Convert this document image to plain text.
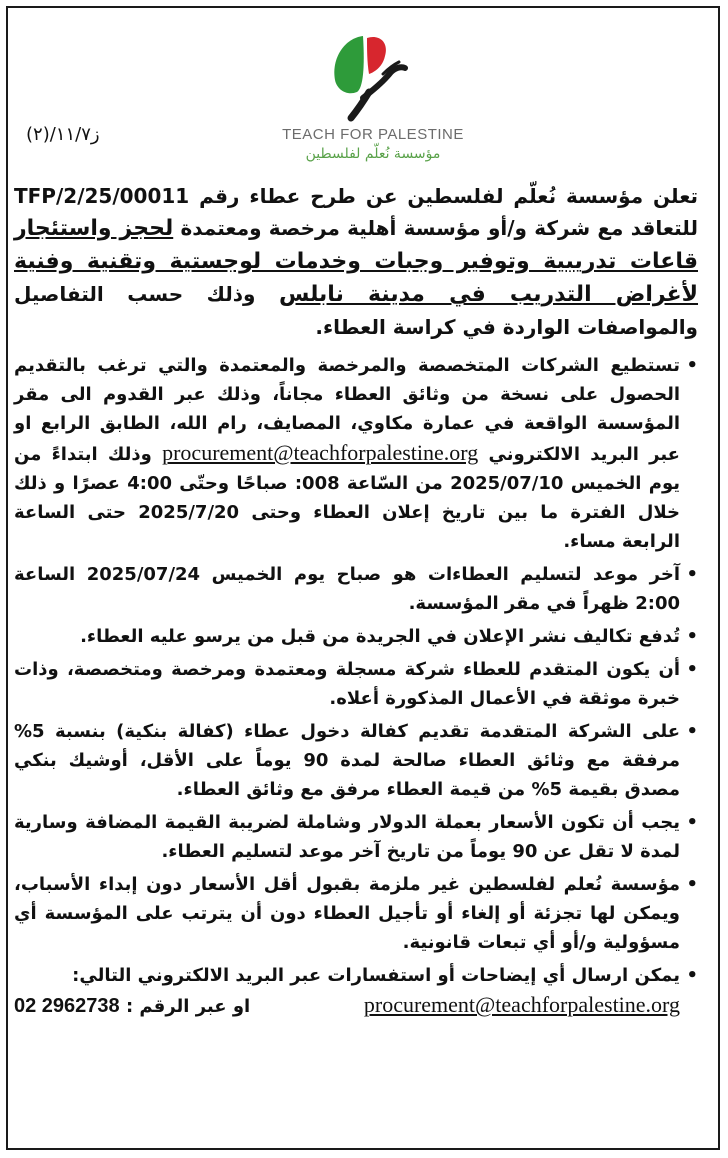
TEACH FOR PALESTINE
مؤسسة نُعلّم لفلسطين
ز١١/٧/(٢)

تعلن مؤسسة نُعلّم لفلسطين عن طرح عطاء رقم 25/00011/TFP/2 للتعاقد مع شركة و/أو مؤسسة أهلية مرخصة ومعتمدة لحجز واستئجار قاعات تدريبية وتوفير وجبات وخدمات لوجستية وتقنية وفنية لأغراض التدريب في مدينة نابلس وذلك حسب التفاصيل والمواصفات الواردة في كراسة العطاء.

• تستطيع الشركات المتخصصة والمرخصة والمعتمدة والتي ترغب بالتقديم الحصول على نسخة من وثائق العطاء مجاناً، وذلك عبر القدوم الى مقر المؤسسة الواقعة في عمارة مكاوي، المصايف، رام الله، الطابق الرابع او عبر البريد الالكتروني procurement@teachforpalestine.org وذلك ابتداءً من يوم الخميس 2025/07/10 من السّاعة 008: صباحًا وحتّى 4:00 عصرًا و ذلك خلال الفترة ما بين تاريخ إعلان العطاء وحتى 2025/7/20 حتى الساعة الرابعة مساء.
• آخر موعد لتسليم العطاءات هو صباح يوم الخميس 2025/07/24 الساعة 2:00 ظهراً في مقر المؤسسة.
• تُدفع تكاليف نشر الإعلان في الجريدة من قبل من يرسو عليه العطاء.
• أن يكون المتقدم للعطاء شركة مسجلة ومعتمدة ومرخصة ومتخصصة، وذات خبرة موثقة في الأعمال المذكورة أعلاه.
• على الشركة المتقدمة تقديم كفالة دخول عطاء (كفالة بنكية) بنسبة 5% مرفقة مع وثائق العطاء صالحة لمدة 90 يوماً على الأقل، أوشيك بنكي مصدق بقيمة 5% من قيمة العطاء مرفق مع وثائق العطاء.
• يجب أن تكون الأسعار بعملة الدولار وشاملة لضريبة القيمة المضافة وسارية لمدة لا تقل عن 90 يوماً من تاريخ آخر موعد لتسليم العطاء.
• مؤسسة نُعلم لفلسطين غير ملزمة بقبول أقل الأسعار دون إبداء الأسباب، ويمكن لها تجزئة أو إلغاء أو تأجيل العطاء دون أن يترتب على المؤسسة أي مسؤولية و/أو أي تبعات قانونية.
• يمكن ارسال أي إيضاحات أو استفسارات عبر البريد الالكتروني التالي:
procurement@teachforpalestine.org
او عبر الرقم : 02 2962738
